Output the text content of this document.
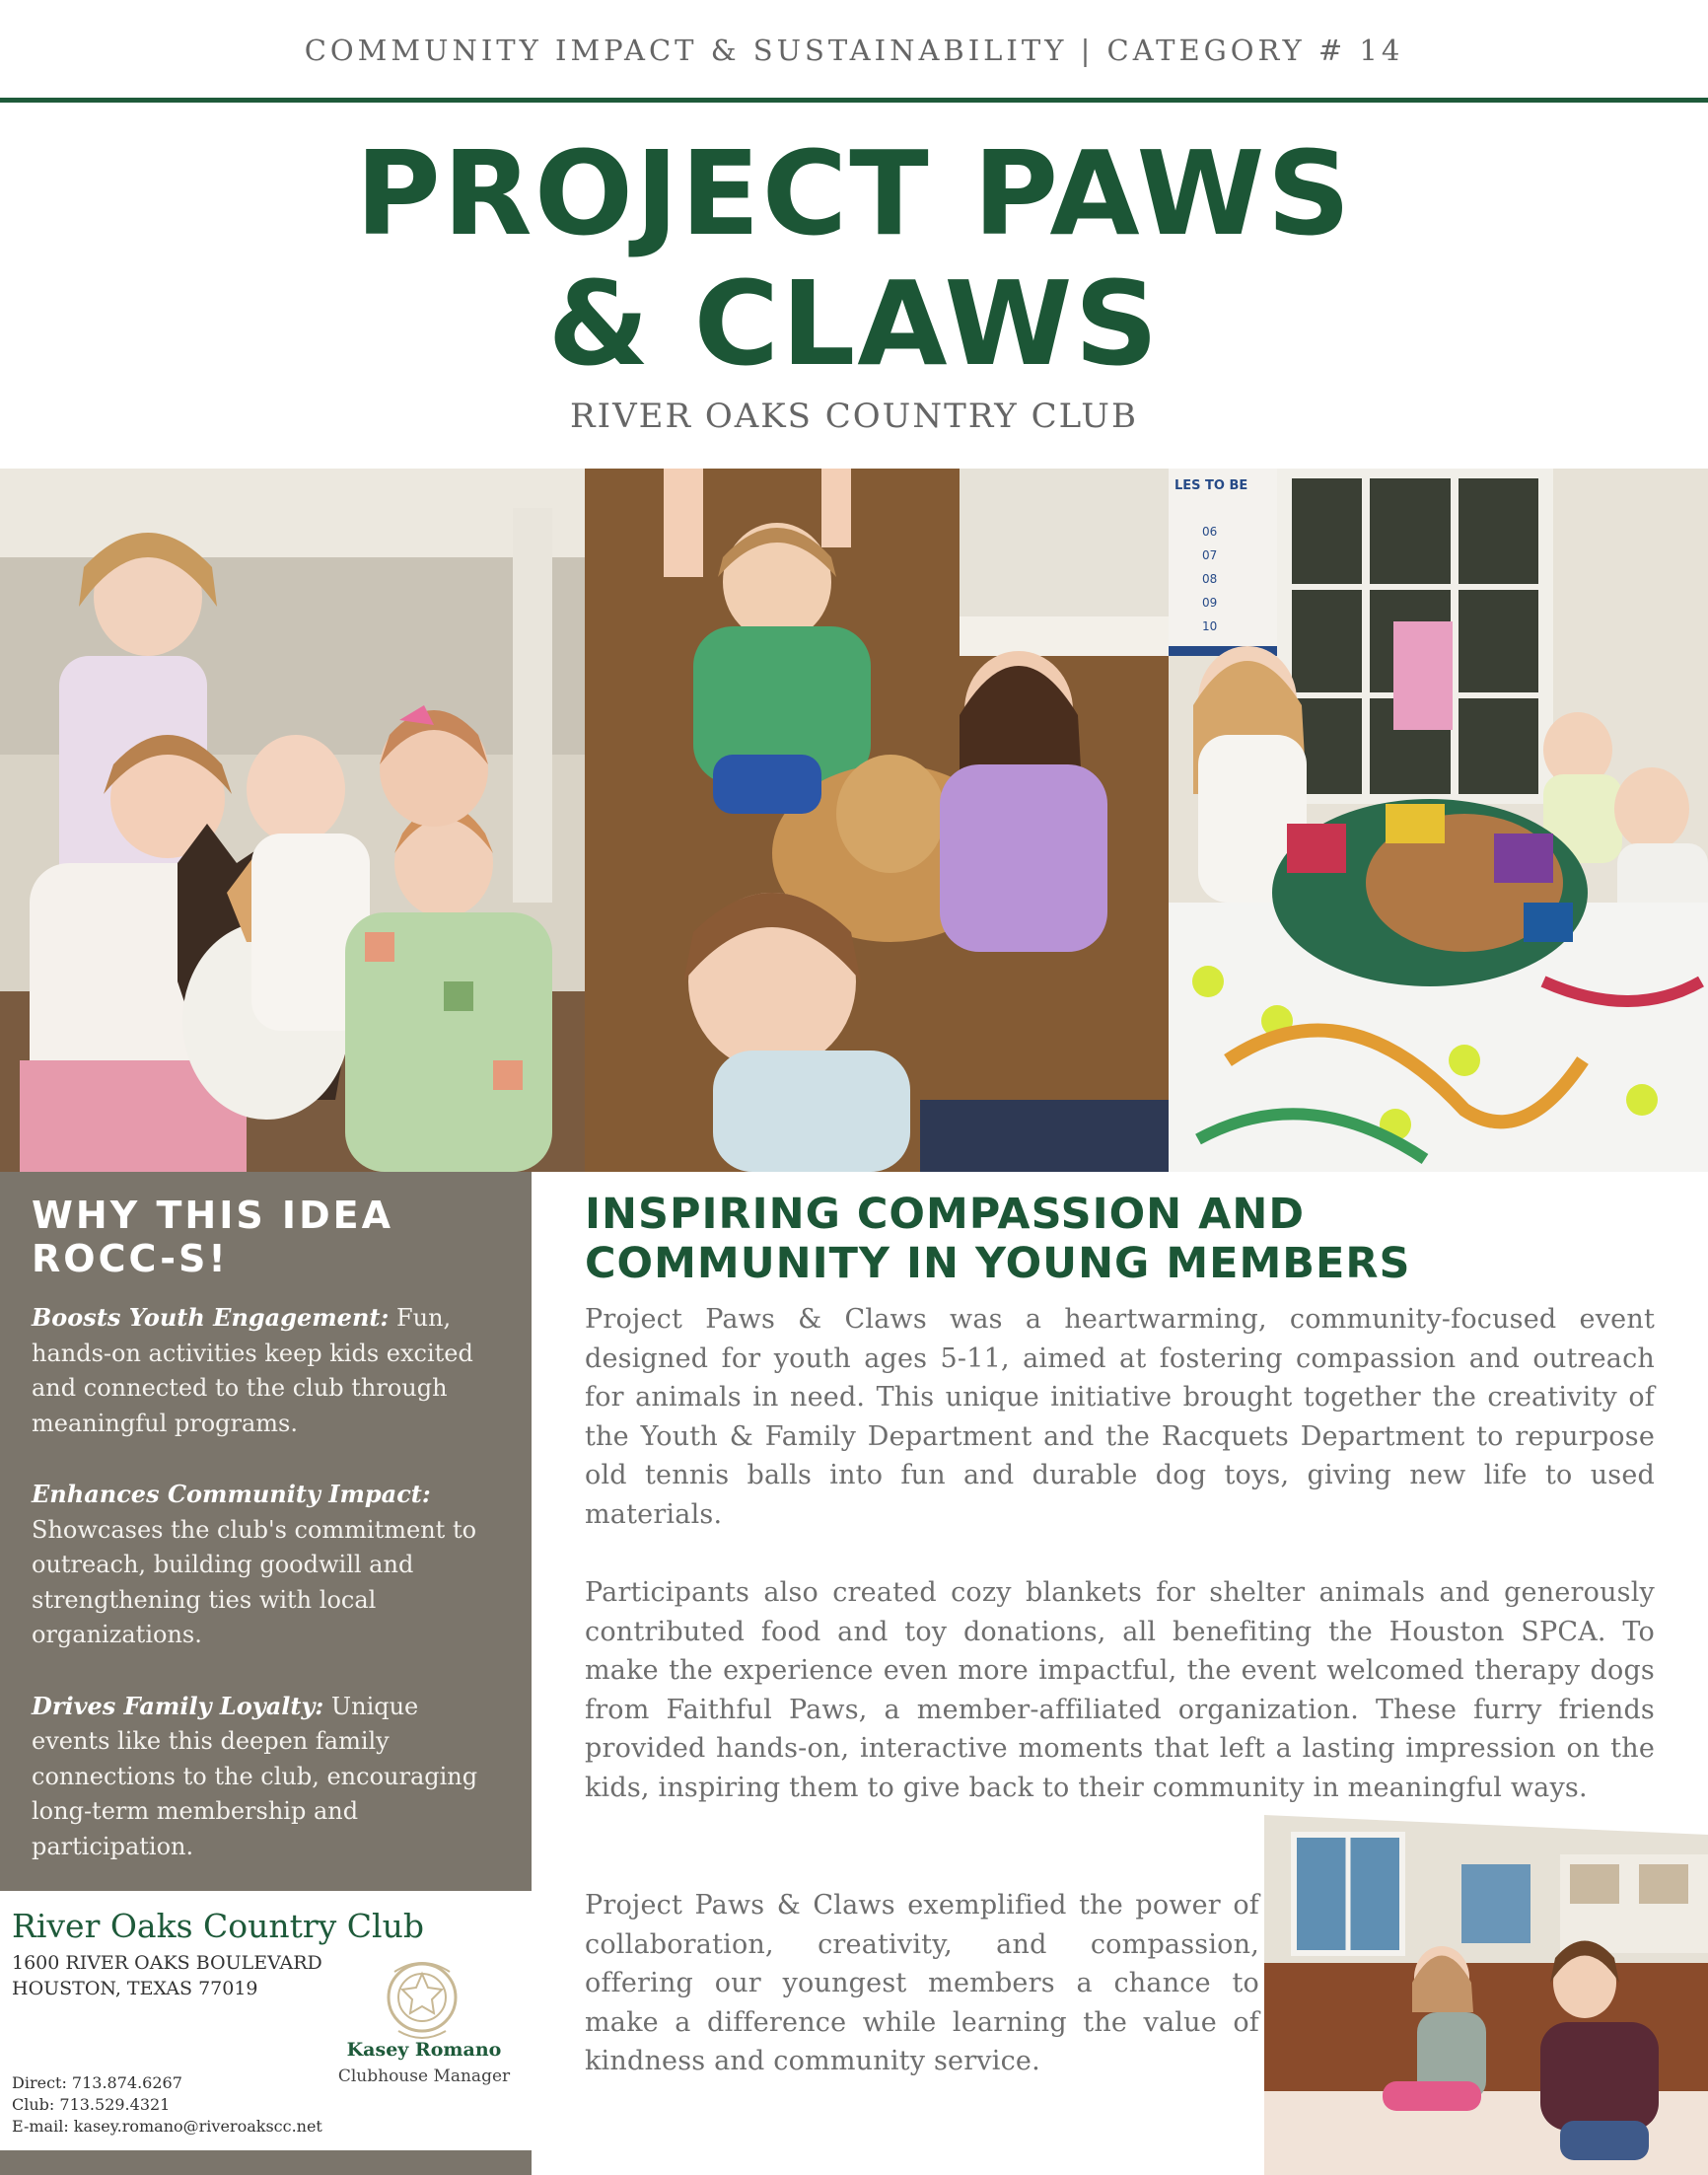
COMMUNITY IMPACT & SUSTAINABILITY | CATEGORY # 14
PROJECT PAWS
& CLAWS
RIVER OAKS COUNTRY CLUB
LES TO BE
06
07
08
09
10
WHY THIS IDEA
ROCC-S!

Boosts Youth Engagement: Fun, hands-on activities keep kids excited and connected to the club through meaningful programs.

Enhances Community Impact: Showcases the club's commitment to outreach, building goodwill and strengthening ties with local organizations.

Drives Family Loyalty: Unique events like this deepen family connections to the club, encouraging long-term membership and participation.

River Oaks Country Club
1600 RIVER OAKS BOULEVARD
HOUSTON, TEXAS 77019
Kasey Romano
Clubhouse Manager
Direct: 713.874.6267
Club: 713.529.4321
E-mail: kasey.romano@riveroakscc.net
INSPIRING COMPASSION AND
COMMUNITY IN YOUNG MEMBERS

Project Paws & Claws was a heartwarming, community-focused event designed for youth ages 5-11, aimed at fostering compassion and outreach for animals in need. This unique initiative brought together the creativity of the Youth & Family Department and the Racquets Department to repurpose old tennis balls into fun and durable dog toys, giving new life to used materials.

Participants also created cozy blankets for shelter animals and generously contributed food and toy donations, all benefiting the Houston SPCA. To make the experience even more impactful, the event welcomed therapy dogs from Faithful Paws, a member-affiliated organization. These furry friends provided hands-on, interactive moments that left a lasting impression on the kids, inspiring them to give back to their community in meaningful ways.

Project Paws & Claws exemplified the power of collaboration, creativity, and compassion, offering our youngest members a chance to make a difference while learning the value of kindness and community service.
